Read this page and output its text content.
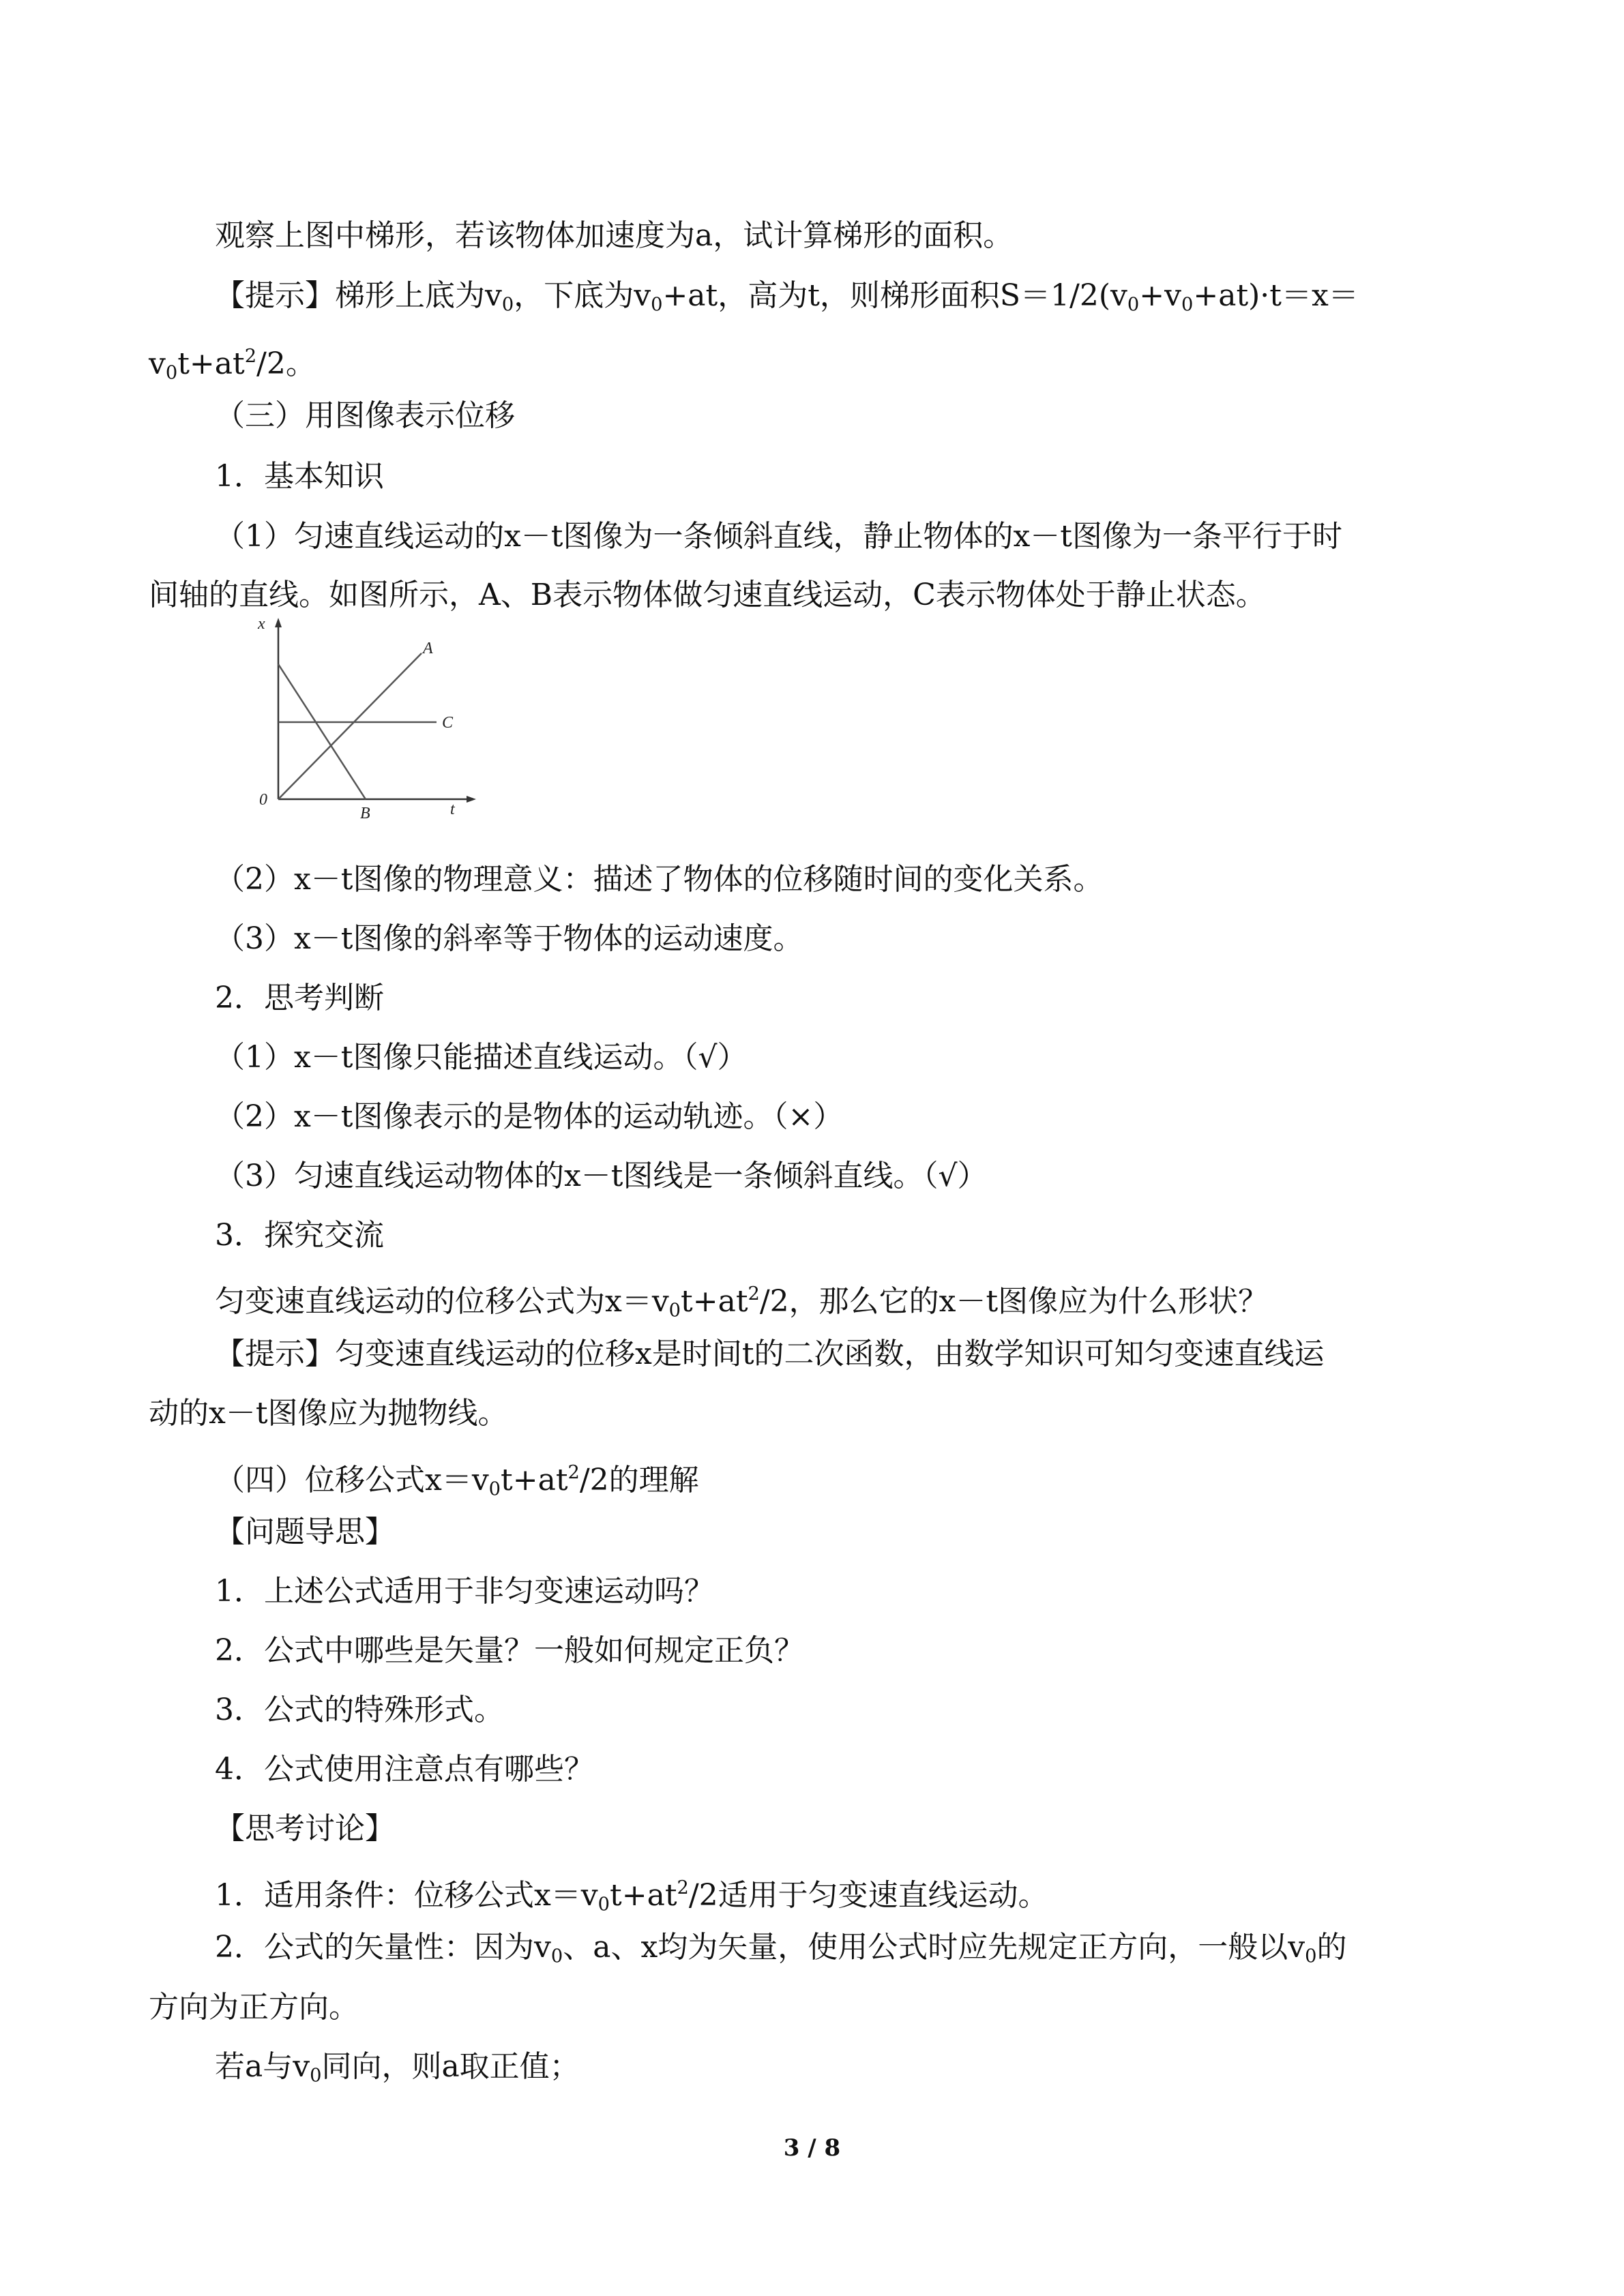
观察上图中梯形，若该物体加速度为a，试计算梯形的面积。
【提示】梯形上底为$v_0$，下底为$v_0+at$，高为t，则梯形面积$S=1/2(v_0+v_0+at)\cdot t=x=$
$v_0t+at^2/2$。
（三）用图像表示位移
1．基本知识
（1）匀速直线运动的x－t图像为一条倾斜直线，静止物体的x－t图像为一条平行于时
间轴的直线。如图所示，A、B表示物体做匀速直线运动，C表示物体处于静止状态。
x
t
0
A
B
C
（2）x－t图像的物理意义：描述了物体的位移随时间的变化关系。
（3）x－t图像的斜率等于物体的运动速度。
2．思考判断
（1）x－t图像只能描述直线运动。（√）
（2）x－t图像表示的是物体的运动轨迹。（×）
（3）匀速直线运动物体的x－t图线是一条倾斜直线。（√）
3．探究交流
匀变速直线运动的位移公式为$x=v_0t+at^2/2$，那么它的x－t图像应为什么形状？
【提示】匀变速直线运动的位移x是时间t的二次函数，由数学知识可知匀变速直线运
动的x－t图像应为抛物线。
（四）位移公式$x=v_0t+at^2/2$的理解
【问题导思】
1．上述公式适用于非匀变速运动吗？
2．公式中哪些是矢量？一般如何规定正负？
3．公式的特殊形式。
4．公式使用注意点有哪些？
【思考讨论】
1．适用条件：位移公式$x=v_0t+at^2/2$适用于匀变速直线运动。
2．公式的矢量性：因为$v_0$、a、x均为矢量，使用公式时应先规定正方向，一般以$v_0$的
方向为正方向。
若a与$v_0$同向，则a取正值；
3 / 8
